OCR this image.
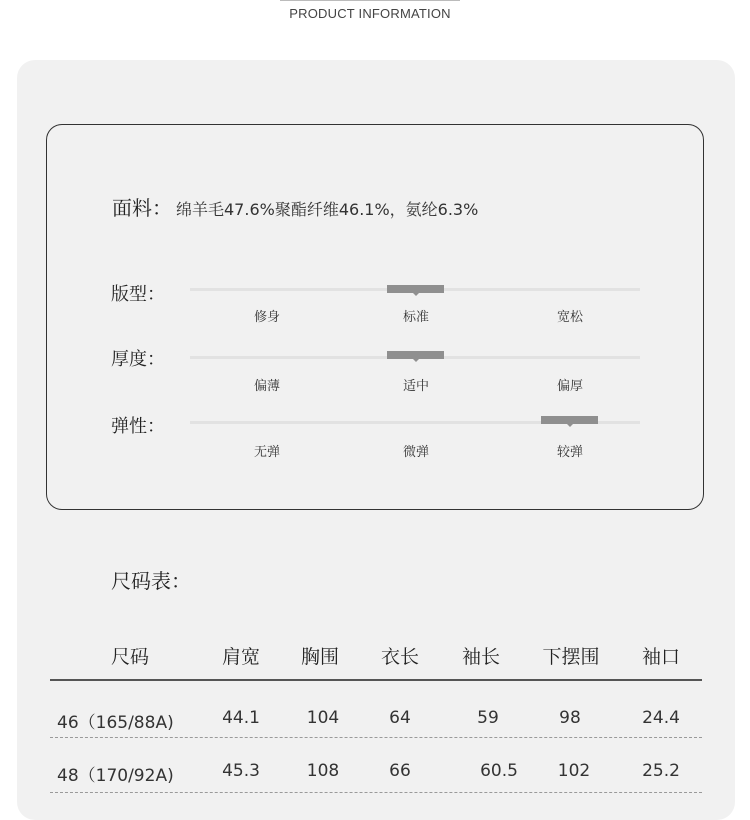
PRODUCT INFORMATION
面料： 绵羊毛47.6%聚酯纤维46.1%，氨纶6.3%
版型：
修身	标准	宽松
厚度：
偏薄	适中	偏厚
弹性：
无弹	微弹	较弹
尺码表：
尺码	肩宽	胸围	衣长	袖长	下摆围	袖口
46（165/88A)	44.1	104	64	59	98	24.4
48（170/92A)	45.3	108	66	60.5	102	25.2
